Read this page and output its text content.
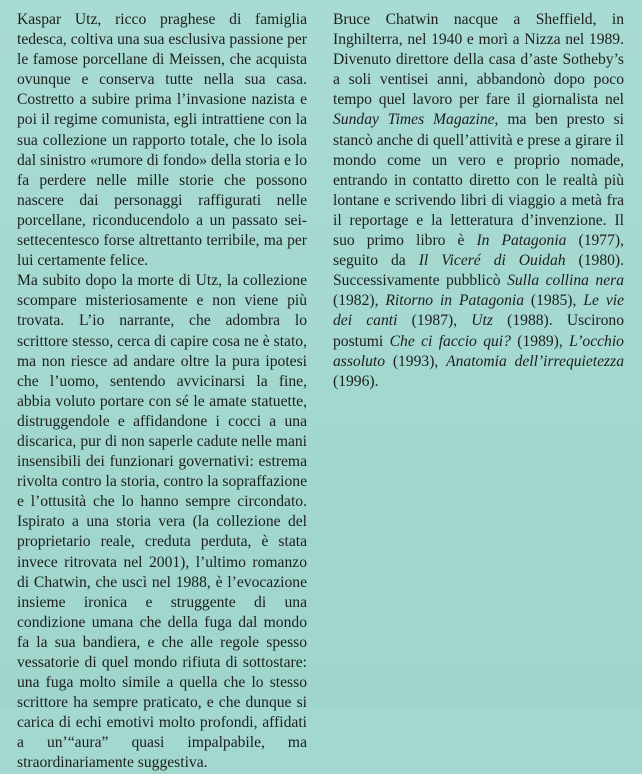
Kaspar Utz, ricco praghese di famiglia tedesca, coltiva una sua esclusiva passione per le famose porcellane di Meissen, che acquista ovunque e conserva tutte nella sua casa. Costretto a subire prima l’invasione nazista e poi il regime comunista, egli intrattiene con la sua collezione un rapporto totale, che lo isola dal sinistro «rumore di fondo» della storia e lo fa perdere nelle mille storie che possono nascere dai personaggi raffigurati nelle porcellane, riconducendolo a un passato sei-settecentesco forse altrettanto terribile, ma per lui certamente felice.

Ma subito dopo la morte di Utz, la collezione scompare misteriosamente e non viene più trovata. L’io narrante, che adombra lo scrittore stesso, cerca di capire cosa ne è stato, ma non riesce ad andare oltre la pura ipotesi che l’uomo, sentendo avvicinarsi la fine, abbia voluto portare con sé le amate statuette, distruggendole e affidandone i cocci a una discarica, pur di non saperle cadute nelle mani insensibili dei funzionari governativi: estrema rivolta contro la storia, contro la sopraffazione e l’ottusità che lo hanno sempre circondato. Ispirato a una storia vera (la collezione del proprietario reale, creduta perduta, è stata invece ritrovata nel 2001), l’ultimo romanzo di Chatwin, che uscì nel 1988, è l’evocazione insieme ironica e struggente di una condizione umana che della fuga dal mondo fa la sua bandiera, e che alle regole spesso vessatorie di quel mondo rifiuta di sottostare: una fuga molto simile a quella che lo stesso scrittore ha sempre praticato, e che dunque si carica di echi emotivi molto profondi, affidati a un’“aura” quasi impalpabile, ma straordinariamente suggestiva.

Bruce Chatwin nacque a Sheffield, in Inghilterra, nel 1940 e morì a Nizza nel 1989. Divenuto direttore della casa d’aste Sotheby’s a soli ventisei anni, abbandonò dopo poco tempo quel lavoro per fare il giornalista nel Sunday Times Magazine, ma ben presto si stancò anche di quell’attività e prese a girare il mondo come un vero e proprio nomade, entrando in contatto diretto con le realtà più lontane e scrivendo libri di viaggio a metà fra il reportage e la letteratura d’invenzione. Il suo primo libro è In Patagonia (1977), seguito da Il Viceré di Ouidah (1980). Successivamente pubblicò Sulla collina nera (1982), Ritorno in Patagonia (1985), Le vie dei canti (1987), Utz (1988). Uscirono postumi Che ci faccio qui? (1989), L’occhio assoluto (1993), Anatomia dell’irrequietezza (1996).
